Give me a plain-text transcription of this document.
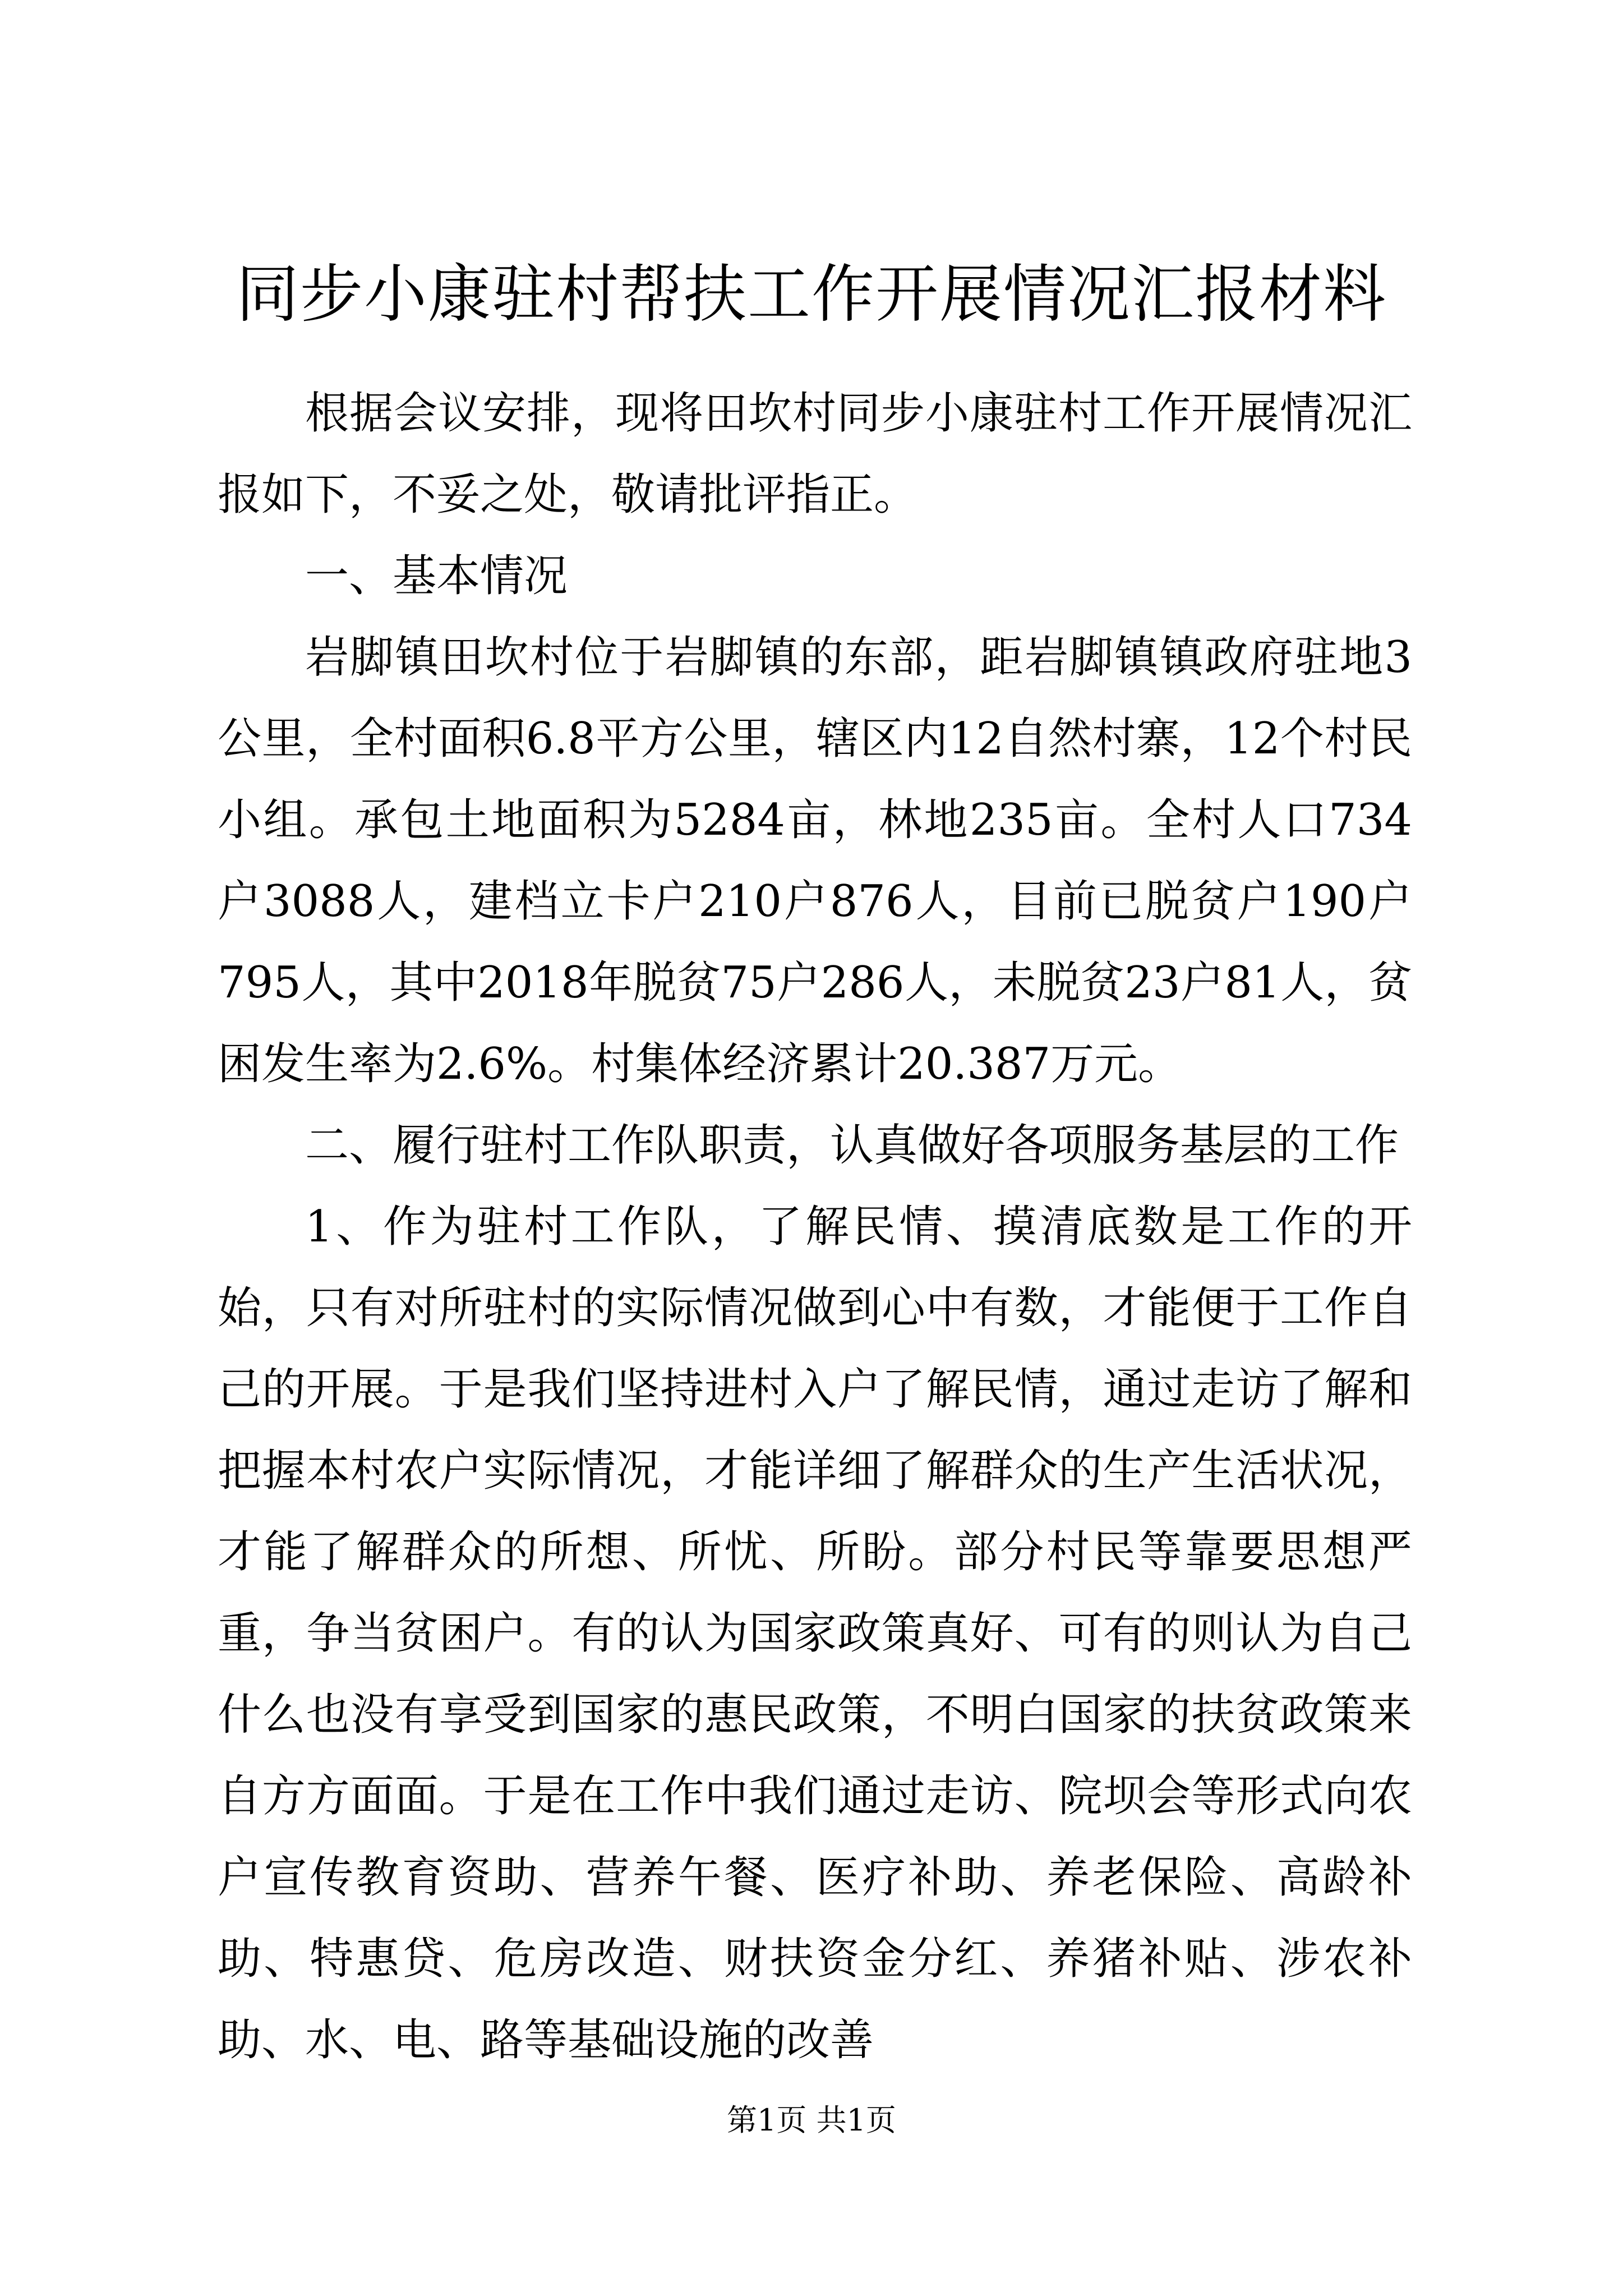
同步小康驻村帮扶工作开展情况汇报材料

根据会议安排，现将田坎村同步小康驻村工作开展情况汇报如下，不妥之处，敬请批评指正。

一、基本情况

岩脚镇田坎村位于岩脚镇的东部，距岩脚镇镇政府驻地3公里，全村面积6.8平方公里，辖区内12自然村寨，12个村民小组。承包土地面积为5284亩，林地235亩。全村人口734户3088人，建档立卡户210户876人，目前已脱贫户190户795人，其中2018年脱贫75户286人，未脱贫23户81人，贫困发生率为2.6%。村集体经济累计20.387万元。

二、履行驻村工作队职责，认真做好各项服务基层的工作

1、作为驻村工作队，了解民情、摸清底数是工作的开始，只有对所驻村的实际情况做到心中有数，才能便于工作自己的开展。于是我们坚持进村入户了解民情，通过走访了解和把握本村农户实际情况，才能详细了解群众的生产生活状况，才能了解群众的所想、所忧、所盼。部分村民等靠要思想严重，争当贫困户。有的认为国家政策真好、可有的则认为自己什么也没有享受到国家的惠民政策，不明白国家的扶贫政策来自方方面面。于是在工作中我们通过走访、院坝会等形式向农户宣传教育资助、营养午餐、医疗补助、养老保险、高龄补助、特惠贷、危房改造、财扶资金分红、养猪补贴、涉农补助、水、电、路等基础设施的改善

第1页 共1页
